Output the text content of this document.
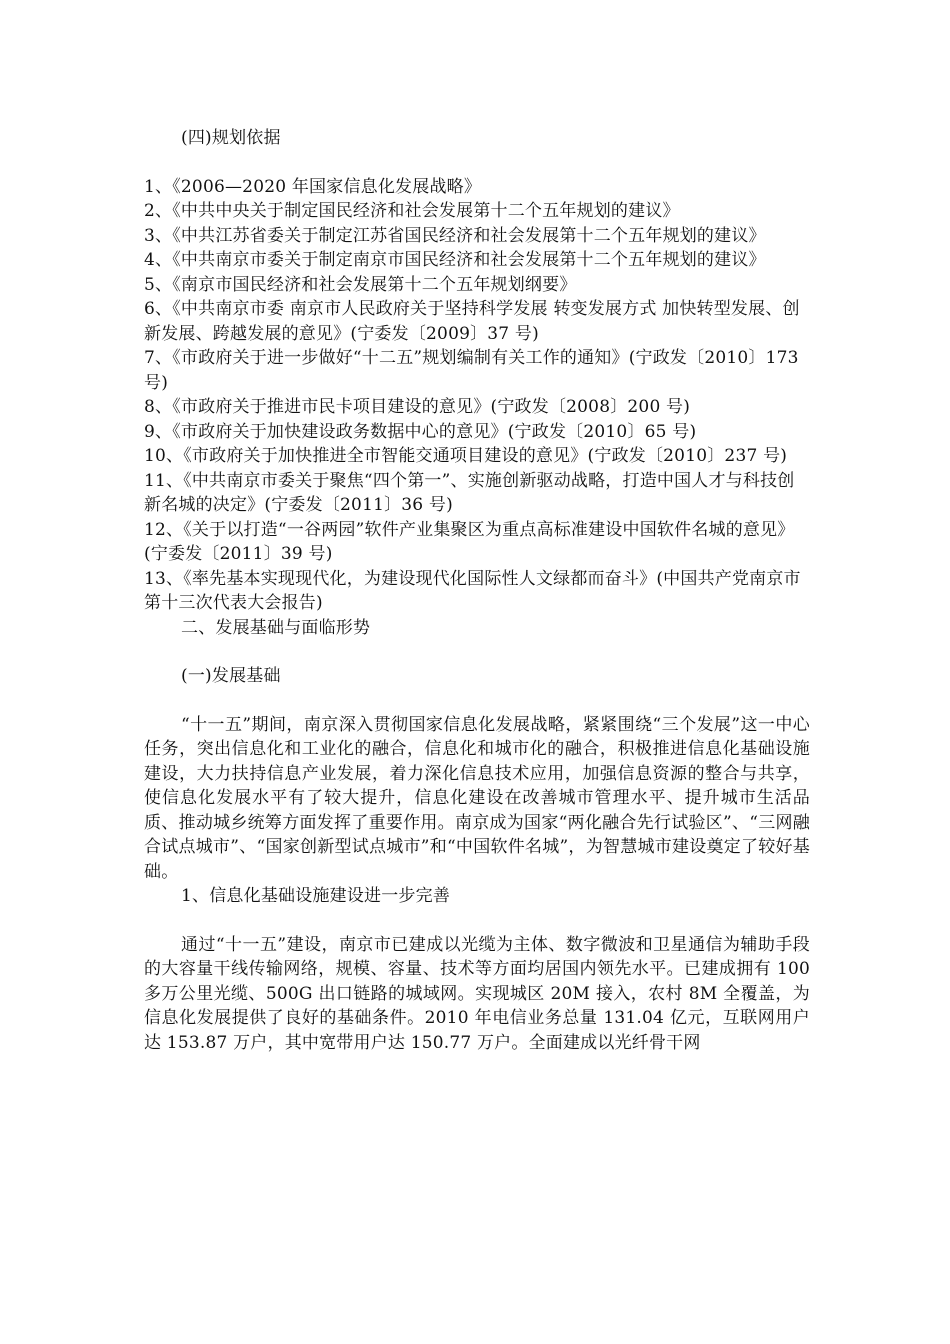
(四)规划依据

1、《2006—2020 年国家信息化发展战略》
2、《中共中央关于制定国民经济和社会发展第十二个五年规划的建议》
3、《中共江苏省委关于制定江苏省国民经济和社会发展第十二个五年规划的建议》
4、《中共南京市委关于制定南京市国民经济和社会发展第十二个五年规划的建议》
5、《南京市国民经济和社会发展第十二个五年规划纲要》
6、《中共南京市委 南京市人民政府关于坚持科学发展 转变发展方式 加快转型发展、创新发展、跨越发展的意见》(宁委发〔2009〕37 号)
7、《市政府关于进一步做好“十二五”规划编制有关工作的通知》(宁政发〔2010〕173 号)
8、《市政府关于推进市民卡项目建设的意见》(宁政发〔2008〕200 号)
9、《市政府关于加快建设政务数据中心的意见》(宁政发〔2010〕65 号)
10、《市政府关于加快推进全市智能交通项目建设的意见》(宁政发〔2010〕237 号)
11、《中共南京市委关于聚焦“四个第一”、实施创新驱动战略，打造中国人才与科技创新名城的决定》(宁委发〔2011〕36 号)
12、《关于以打造“一谷两园”软件产业集聚区为重点高标准建设中国软件名城的意见》(宁委发〔2011〕39 号)
13、《率先基本实现现代化，为建设现代化国际性人文绿都而奋斗》(中国共产党南京市第十三次代表大会报告)

二、发展基础与面临形势

(一)发展基础

“十一五”期间，南京深入贯彻国家信息化发展战略，紧紧围绕“三个发展”这一中心任务，突出信息化和工业化的融合，信息化和城市化的融合，积极推进信息化基础设施建设，大力扶持信息产业发展，着力深化信息技术应用，加强信息资源的整合与共享，使信息化发展水平有了较大提升，信息化建设在改善城市管理水平、提升城市生活品质、推动城乡统筹方面发挥了重要作用。南京成为国家“两化融合先行试验区”、“三网融合试点城市”、“国家创新型试点城市”和“中国软件名城”，为智慧城市建设奠定了较好基础。

1、信息化基础设施建设进一步完善

通过“十一五”建设，南京市已建成以光缆为主体、数字微波和卫星通信为辅助手段的大容量干线传输网络，规模、容量、技术等方面均居国内领先水平。已建成拥有 100 多万公里光缆、500G 出口链路的城域网。实现城区 20M 接入，农村 8M 全覆盖，为信息化发展提供了良好的基础条件。2010 年电信业务总量 131.04 亿元，互联网用户达 153.87 万户，其中宽带用户达 150.77 万户。全面建成以光纤骨干网
